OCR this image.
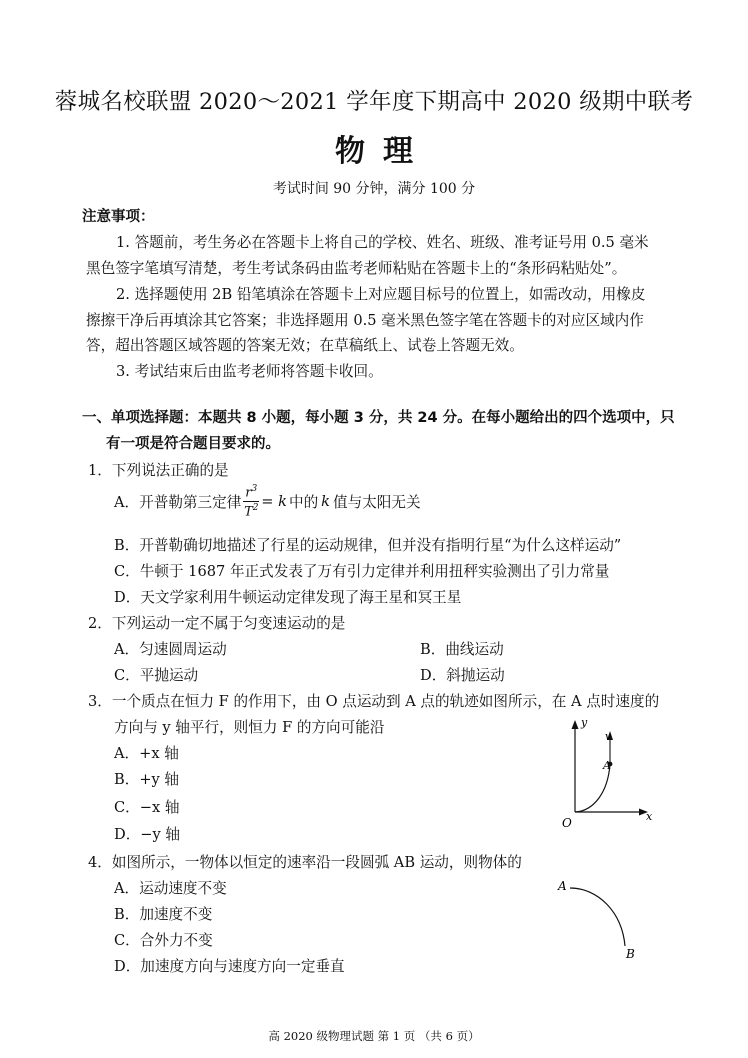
蓉城名校联盟 2020～2021 学年度下期高中 2020 级期中联考
物理
考试时间 90 分钟，满分 100 分
注意事项：
1. 答题前，考生务必在答题卡上将自己的学校、姓名、班级、准考证号用 0.5 毫米
黑色签字笔填写清楚，考生考试条码由监考老师粘贴在答题卡上的“条形码粘贴处”。
2. 选择题使用 2B 铅笔填涂在答题卡上对应题目标号的位置上，如需改动，用橡皮
擦擦干净后再填涂其它答案；非选择题用 0.5 毫米黑色签字笔在答题卡的对应区域内作
答，超出答题区域答题的答案无效；在草稿纸上、试卷上答题无效。
3. 考试结束后由监考老师将答题卡收回。
一、单项选择题：本题共 8 小题，每小题 3 分，共 24 分。在每小题给出的四个选项中，只
有一项是符合题目要求的。
1．下列说法正确的是
A．开普勒第三定律 $\frac{r^3}{T^2} = k$ 中的 k 值与太阳无关
B．开普勒确切地描述了行星的运动规律，但并没有指明行星“为什么这样运动”
C．牛顿于 1687 年正式发表了万有引力定律并利用扭秤实验测出了引力常量
D．天文学家利用牛顿运动定律发现了海王星和冥王星
2．下列运动一定不属于匀变速运动的是
A．匀速圆周运动	B．曲线运动
C．平抛运动	D．斜抛运动
3．一个质点在恒力 F 的作用下，由 O 点运动到 A 点的轨迹如图所示，在 A 点时速度的
方向与 y 轴平行，则恒力 F 的方向可能沿
A．+x 轴
B．+y 轴
C．−x 轴
D．−y 轴
y
v
A
O	x
4．如图所示，一物体以恒定的速率沿一段圆弧 AB 运动，则物体的
A．运动速度不变
B．加速度不变
C．合外力不变
D．加速度方向与速度方向一定垂直
A
B
高 2020 级物理试题 第 1 页 （共 6 页）
